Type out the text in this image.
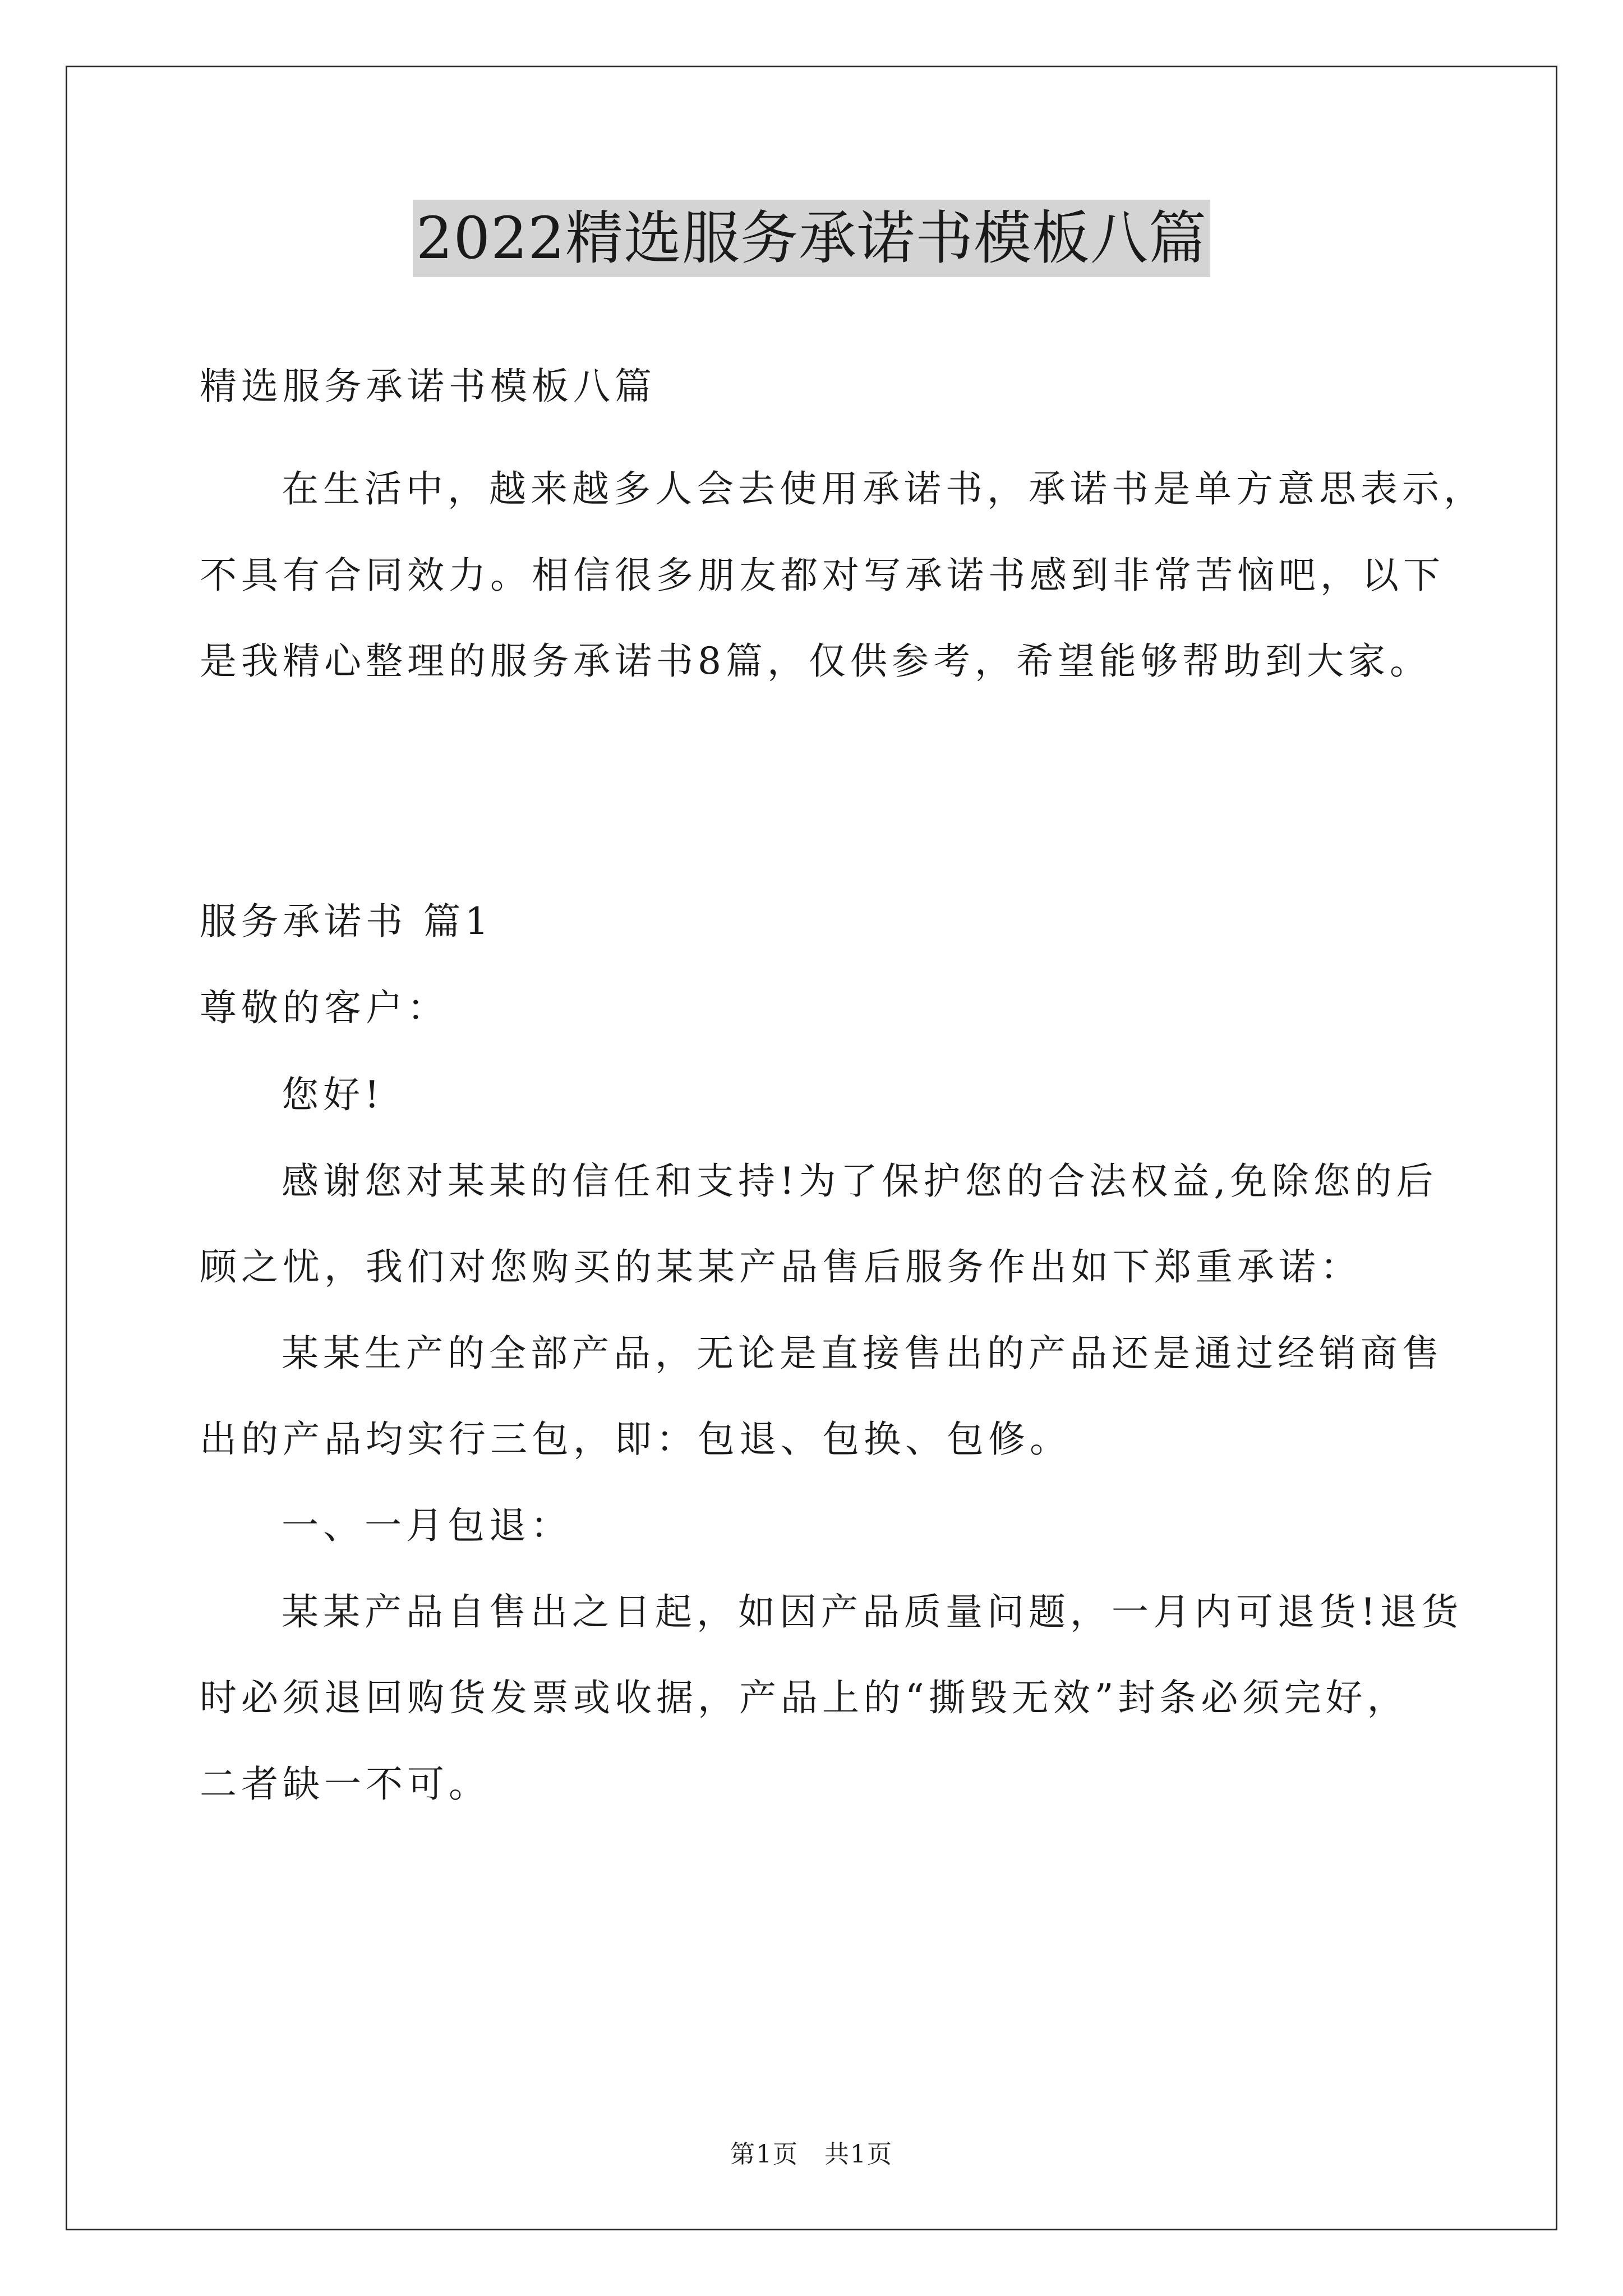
2022精选服务承诺书模板八篇
精选服务承诺书模板八篇
在生活中，越来越多人会去使用承诺书，承诺书是单方意思表示，
不具有合同效力。相信很多朋友都对写承诺书感到非常苦恼吧，以下
是我精心整理的服务承诺书8篇，仅供参考，希望能够帮助到大家。
服务承诺书 篇1
尊敬的客户：
您好!
感谢您对某某的信任和支持!为了保护您的合法权益,免除您的后
顾之忧，我们对您购买的某某产品售后服务作出如下郑重承诺：
某某生产的全部产品，无论是直接售出的产品还是通过经销商售
出的产品均实行三包，即：包退、包换、包修。
一、一月包退：
某某产品自售出之日起，如因产品质量问题，一月内可退货!退货
时必须退回购货发票或收据，产品上的“撕毁无效”封条必须完好，
二者缺一不可。
第1页　共1页
